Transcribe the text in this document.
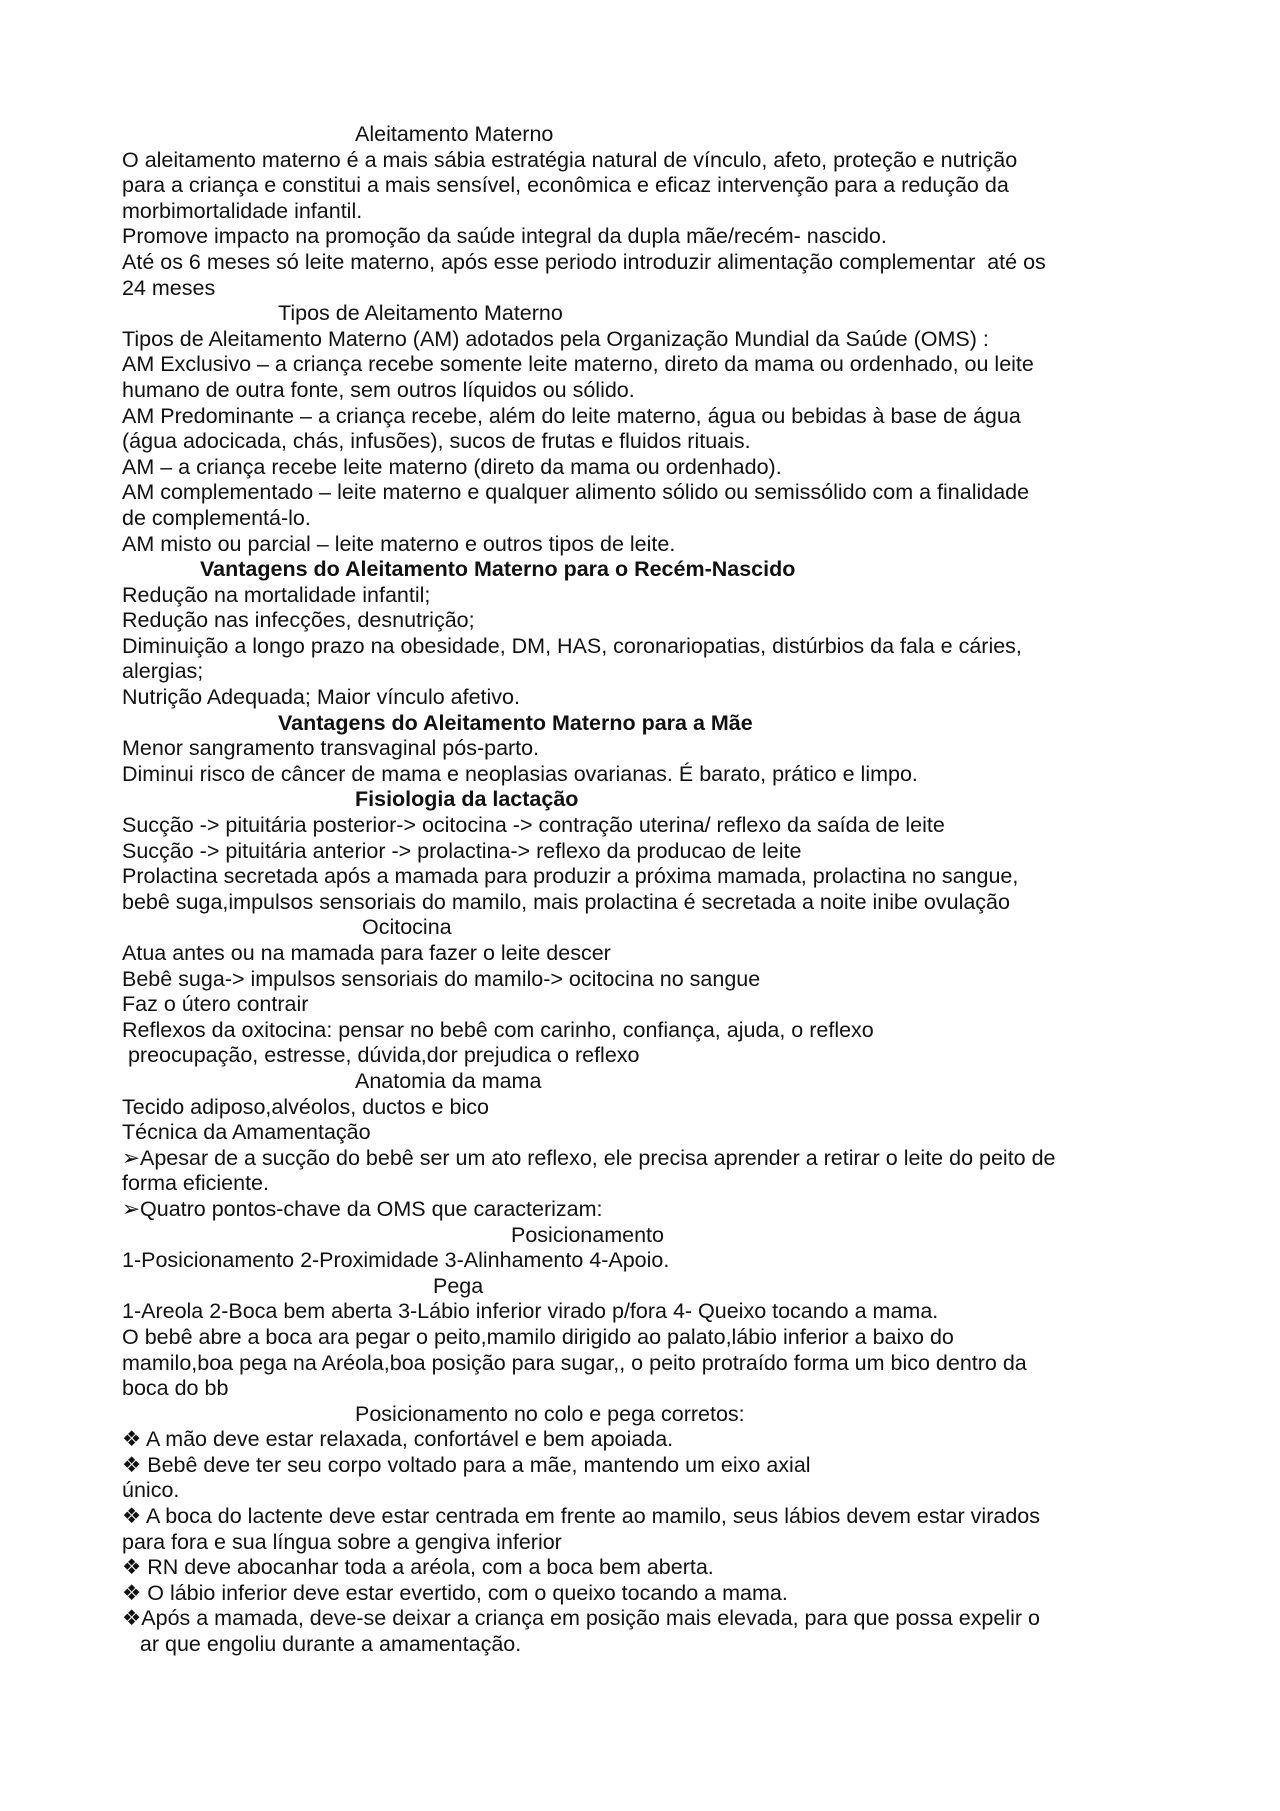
Aleitamento Materno
O aleitamento materno é a mais sábia estratégia natural de vínculo, afeto, proteção e nutrição
para a criança e constitui a mais sensível, econômica e eficaz intervenção para a redução da
morbimortalidade infantil.
Promove impacto na promoção da saúde integral da dupla mãe/recém- nascido.
Até os 6 meses só leite materno, após esse periodo introduzir alimentação complementar  até os
24 meses
Tipos de Aleitamento Materno
Tipos de Aleitamento Materno (AM) adotados pela Organização Mundial da Saúde (OMS) :
AM Exclusivo – a criança recebe somente leite materno, direto da mama ou ordenhado, ou leite
humano de outra fonte, sem outros líquidos ou sólido.
AM Predominante – a criança recebe, além do leite materno, água ou bebidas à base de água
(água adocicada, chás, infusões), sucos de frutas e fluidos rituais.
AM – a criança recebe leite materno (direto da mama ou ordenhado).
AM complementado – leite materno e qualquer alimento sólido ou semissólido com a finalidade
de complementá-lo.
AM misto ou parcial – leite materno e outros tipos de leite.
Vantagens do Aleitamento Materno para o Recém-Nascido
Redução na mortalidade infantil;
Redução nas infecções, desnutrição;
Diminuição a longo prazo na obesidade, DM, HAS, coronariopatias, distúrbios da fala e cáries,
alergias;
Nutrição Adequada; Maior vínculo afetivo.
Vantagens do Aleitamento Materno para a Mãe
Menor sangramento transvaginal pós-parto.
Diminui risco de câncer de mama e neoplasias ovarianas. É barato, prático e limpo.
Fisiologia da lactação
Sucção -> pituitária posterior-> ocitocina -> contração uterina/ reflexo da saída de leite
Sucção -> pituitária anterior -> prolactina-> reflexo da producao de leite
Prolactina secretada após a mamada para produzir a próxima mamada, prolactina no sangue,
bebê suga,impulsos sensoriais do mamilo, mais prolactina é secretada a noite inibe ovulação
Ocitocina
Atua antes ou na mamada para fazer o leite descer
Bebê suga-> impulsos sensoriais do mamilo-> ocitocina no sangue
Faz o útero contrair
Reflexos da oxitocina: pensar no bebê com carinho, confiança, ajuda, o reflexo
preocupação, estresse, dúvida,dor prejudica o reflexo
Anatomia da mama
Tecido adiposo,alvéolos, ductos e bico
Técnica da Amamentação
➢Apesar de a sucção do bebê ser um ato reflexo, ele precisa aprender a retirar o leite do peito de
forma eficiente.
➢Quatro pontos-chave da OMS que caracterizam:
Posicionamento
1-Posicionamento 2-Proximidade 3-Alinhamento 4-Apoio.
Pega
1-Areola 2-Boca bem aberta 3-Lábio inferior virado p/fora 4- Queixo tocando a mama.
O bebê abre a boca ara pegar o peito,mamilo dirigido ao palato,lábio inferior a baixo do
mamilo,boa pega na Aréola,boa posição para sugar,, o peito protraído forma um bico dentro da
boca do bb
Posicionamento no colo e pega corretos:
❖ A mão deve estar relaxada, confortável e bem apoiada.
❖ Bebê deve ter seu corpo voltado para a mãe, mantendo um eixo axial
único.
❖ A boca do lactente deve estar centrada em frente ao mamilo, seus lábios devem estar virados
para fora e sua língua sobre a gengiva inferior
❖ RN deve abocanhar toda a aréola, com a boca bem aberta.
❖ O lábio inferior deve estar evertido, com o queixo tocando a mama.
❖Após a mamada, deve-se deixar a criança em posição mais elevada, para que possa expelir o
ar que engoliu durante a amamentação.
